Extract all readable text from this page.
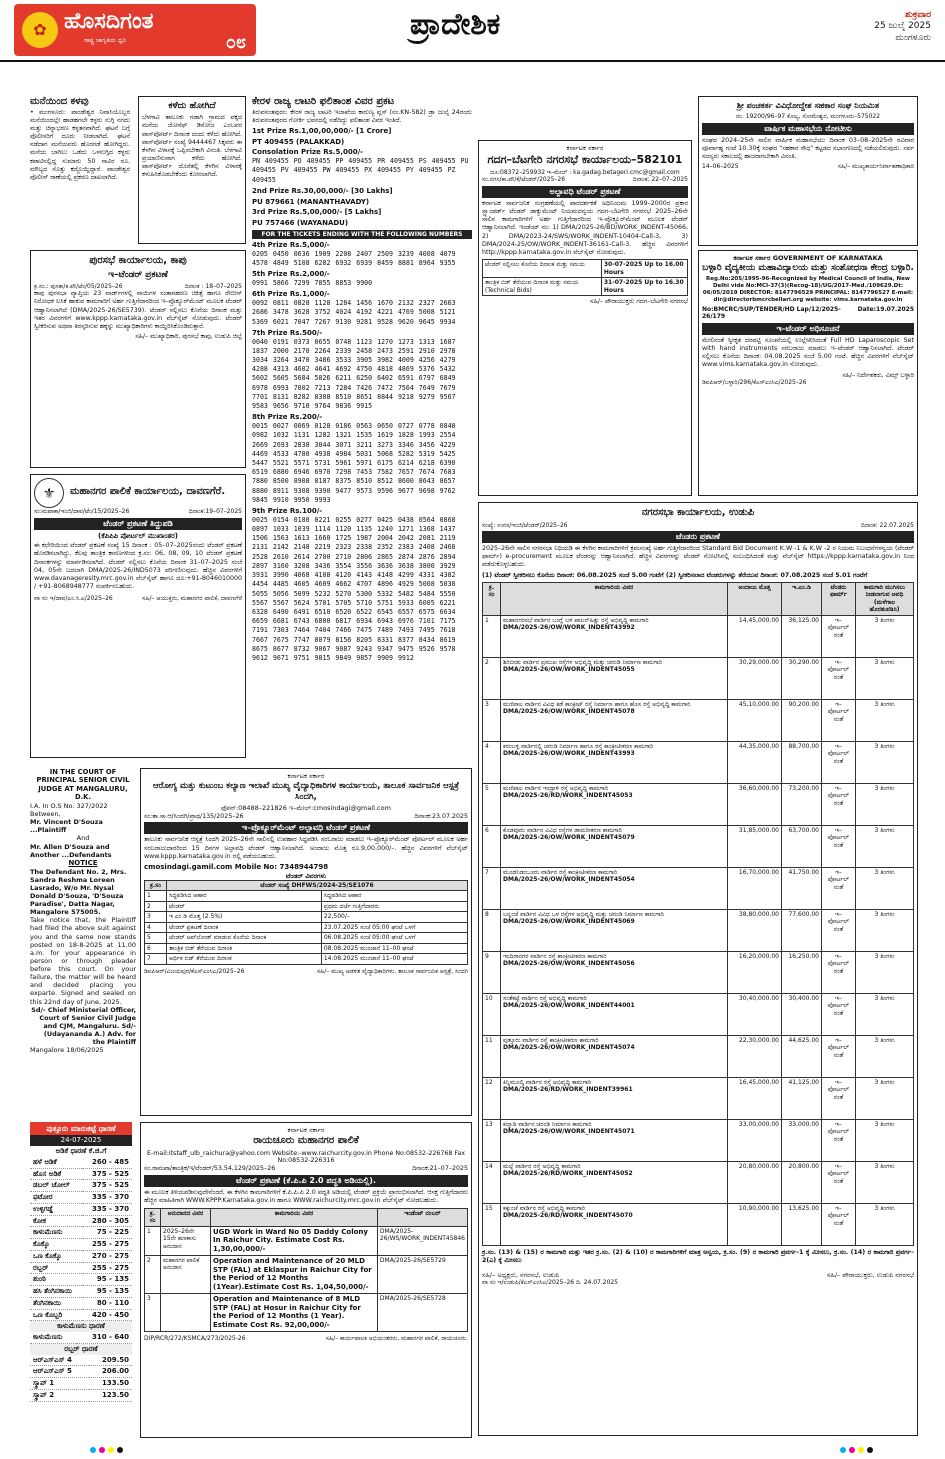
✿ ಹೊಸದಿಗಂತ
ರಾಷ್ಟ್ರ ಜಾಗೃತಿಯ ಧ್ವನಿ	೦೮
ಪ್ರಾದೇಶಿಕ	ಶುಕ್ರವಾರ
25 ಜುಲೈ 2025
ಮಂಗಳೂರು
ಮನೆಯಿಂದ ಕಳವು
• ಮಂಗಳೂರು: ಪಾಂಡೇಶ್ವರ ನಿವಾಸಿಯೊಬ್ಬರ ಮನೆಯಿಂದಲ್ಲೇ ಹಾಡಹಗಲೇ ಕಳ್ಳರು ನುಗ್ಗಿ ನಗದು ಮತ್ತು ಚಿನ್ನಾಭರಣ ಕಳ್ಳತನವಾಗಿದೆ. ಘಟನೆ ಬಗ್ಗೆ ಪೊಲೀಸರಿಗೆ ದೂರು ನೀಡಲಾಗಿದೆ. ಘಟನೆ ನಡೆದಾಗ ಮನೆಯವರು ಹೊರಗಡೆ ಹೋಗಿದ್ದರು. ಮನೆಯ ಬಾಗಿಲು ಒಡೆದು ಒಳನುಗ್ಗಿದ ಕಳ್ಳರು ಕಪಾಟಿನಲ್ಲಿದ್ದ ಸುಮಾರು 50 ಸಾವಿರ ರೂ. ಮೌಲ್ಯದ ಸೊತ್ತು ಕದ್ದೊಯ್ದಿದ್ದಾರೆ. ಪಾಂಡೇಶ್ವರ ಪೊಲೀಸ್ ಠಾಣೆಯಲ್ಲಿ ಪ್ರಕರಣ ದಾಖಲಾಗಿದೆ.
ಕಳೆದು ಹೋಗಿದೆ
ಬೆಳಗಾವಿ ತಾಲೂಕು ಗಡಾಗಿ ಗ್ರಾಮದ ಪಕ್ಕದ ಮನೆಯ ಜೋಸೆಫ್ ಡಿಸೋಜ ಎಂಬವರ ಪಾಸ್‌ಪೋರ್ಟ್ ದಿನಾಂಕ ದಂದು ಕಳೆದು ಹೋಗಿದೆ. ಪಾಸ್‌ಪೋರ್ಟ್ ಸಂಖ್ಯೆ 9444467 ಸಿಕ್ಕವರು ಈ ಕೆಳಗಿನ ವಿಳಾಸಕ್ಕೆ ಒಪ್ಪಿಸಬೇಕಾಗಿ ವಿನಂತಿ. ಬೆಳಗಾವಿ ಪ್ರಯಾಣಿಸುವಾಗ ಕಳೆದು ಹೋಗಿದೆ. ಪಾಸ್‌ಪೋರ್ಟ್ ದೊರೆತಲ್ಲಿ ಕೆಳಗಿನ ವಿಳಾಸಕ್ಕೆ ಕಳುಹಿಸಿಕೊಡಬೇಕೆಂದು ಕೋರಲಾಗಿದೆ.
ಕೇರಳ ರಾಜ್ಯ ಲಾಟರಿ ಫಲಿತಾಂಶ ವಿವರ ಪ್ರಕಟ
ತಿರುವನಂತಪುರಂ: ಕೇರಳ ರಾಜ್ಯ ಲಾಟರಿ ಇಲಾಖೆಯ ಕಾರುಣ್ಯ ಪ್ಲಸ್ (ನಂ.KN-582) ಡ್ರಾ ಜುಲೈ 24ರಂದು ತಿರುವನಂತಪುರದ ಗೋರ್ಕಿ ಭವನದಲ್ಲಿ ನಡೆದಿದ್ದು ಫಲಿತಾಂಶ ವಿವರ ಇಂತಿದೆ.
1st Prize Rs.1,00,00,000/- [1 Crore]
PT 409455 (PALAKKAD)
Consolation Prize Rs.5,000/-
PN 409455 PO 409455 PP 409455 PR 409455 PS 409455 PU 409455 PV 409455 PW 409455 PX 409455 PY 409455 PZ 409455
2nd Prize Rs.30,00,000/- [30 Lakhs]
PU 879661 (MANANTHAVADY)
3rd Prize Rs.5,00,000/- [5 Lakhs]
PU 757466 (WAYANADU)
FOR THE TICKETS ENDING WITH THE FOLLOWING NUMBERS
4th Prize Rs.5,000/-
0205 0450 0636 1909 2208 2407 2509 3239 4008 4079 4578 4849 5108 6282 6932 6939 8459 8881 8964 9355
5th Prize Rs.2,000/-
0991 5866 7299 7855 8853 9900
6th Prize Rs.1,000/-
0092 0811 0828 1128 1284 1456 1670 2132 2327 2663 2686 3478 3628 3752 4024 4192 4221 4769 5008 5121 5369 6021 7047 7267 9130 9281 9528 9620 9645 9934
7th Prize Rs.500/-
0040 0191 0373 0655 0748 1123 1270 1273 1313 1687 1837 2000 2170 2264 2339 2458 2473 2591 2910 2978 3034 3264 3470 3486 3533 3905 3982 4009 4256 4279 4288 4313 4602 4641 4692 4750 4818 4869 5376 5432 5602 5605 5684 5826 6211 6250 6402 6591 6797 6849 6978 6993 7002 7213 7284 7426 7472 7564 7649 7679 7701 8131 8282 8308 8510 8651 8844 9218 9279 9567 9583 9656 9710 9764 9836 9915
8th Prize Rs.200/-
0015 0027 0069 0128 0186 0563 0650 0727 0778 0840 0982 1032 1131 1282 1321 1535 1619 1828 1993 2554 2669 2693 2838 3044 3071 3211 3273 3346 3456 4229 4469 4533 4780 4938 4984 5031 5068 5282 5319 5425 5447 5521 5571 5731 5961 5971 6175 6214 6218 6390 6519 6880 6946 6970 7298 7453 7582 7657 7674 7683 7880 8500 8908 8187 8375 8510 8512 8600 8643 8657 8880 8911 9308 9390 9477 9573 9596 9677 9698 9762 9845 9910 9950 9993
9th Prize Rs.100/-
0025 0154 0180 0221 0255 0277 0425 0438 0564 0868 0897 1033 1039 1114 1120 1135 1240 1271 1368 1437 1506 1563 1613 1660 1725 1987 2004 2042 2081 2119 2131 2142 2148 2219 2323 2338 2352 2383 2408 2460 2528 2610 2614 2700 2710 2806 2865 2874 2876 2894 2897 3160 3208 3436 3554 3556 3636 3638 3800 3929 3931 3990 4068 4108 4120 4143 4148 4299 4331 4382 4454 4485 4605 4609 4662 4707 4896 4929 5008 5030 5055 5056 5099 5232 5270 5300 5332 5482 5484 5550 5567 5567 5624 5701 5705 5710 5751 5933 6005 6221 6328 6490 6491 6510 6520 6522 6545 6557 6575 6634 6659 6681 6743 6800 6817 6934 6943 6976 7101 7175 7191 7303 7464 7404 7466 7475 7489 7493 7495 7618 7667 7675 7747 8079 8156 8205 8331 8377 8434 8619 8675 8677 8732 9067 9087 9243 9347 9475 9526 9578 9612 9671 9751 9815 9849 9857 9909 9912
ಪುರಸಭೆ ಕಾರ್ಯಾಲಯ, ಕಾಪು
ಇ–ಟೆಂಡರ್ ಪ್ರಕಟಣೆ
ಕ್ರ.ಸಂ.: ಪುಸಕಾ/ಕ.ಪೌ/ಟೆಂ/05/2025–26	ದಿನಾಂಕ : 18–07–2025
ಕಾಪು ಪುರಸಭಾ ವ್ಯಾಪ್ತಿಯ 23 ವಾರ್ಡ್‌ಗಳಲ್ಲಿ ನಾಯಿಗಳ ಸಂತಾನಹರಣ ಚಿಕಿತ್ಸೆ ಹಾಗೂ ರೇಬೀಸ್ ನಿರೋಧಕ ಲಸಿಕೆ ಹಾಕುವ ಕಾಮಗಾರಿಗೆ ಅರ್ಹ ಗುತ್ತಿಗೆದಾರರಿಂದ ಇ–ಪ್ರೊಕ್ಯೂರ್‌ಮೆಂಟ್ ಮೂಲಕ ಟೆಂಡರ್ ಆಹ್ವಾನಿಸಲಾಗಿದೆ (DMA/2025-26/SE5739). ಟೆಂಡರ್ ಸಲ್ಲಿಸಲು ಕೊನೆಯ ದಿನಾಂಕ ಮತ್ತು ಇತರ ವಿವರಗಳಿಗೆ www.kppp.karnataka.gov.in ವೆಬ್‌ಸೈಟ್ ನೋಡುವುದು. ಟೆಂಡರ್ ಸ್ವೀಕರಿಸುವ ಅಥವಾ ತಿರಸ್ಕರಿಸುವ ಹಕ್ಕನ್ನು ಮುಖ್ಯಾಧಿಕಾರಿಗಳು ಕಾಯ್ದಿರಿಸಿಕೊಂಡಿರುತ್ತಾರೆ.
ಸಹಿ/– ಮುಖ್ಯಾಧಿಕಾರಿ, ಪುರಸಭೆ ಕಾಪು, ಉಡುಪಿ ಜಿಲ್ಲೆ
⚜	ಮಹಾನಗರ ಪಾಲಿಕೆ ಕಾರ್ಯಾಲಯ, ದಾವಣಗೆರೆ.
ಸಂ:ಮಪಾಕಾ/ಇಂಜಿ/ದಾವ/ಟೆಂ/15/2025–26	ದಿನಾಂಕ:19–07–2025
ಟೆಂಡರ್ ಪ್ರಕಟಣೆ ತಿದ್ದುಪಡಿ
(ಕೆಪಿಪಿಪಿ ಪೋರ್ಟಲ್ ಮುಖಾಂತರ)
ಈ ಕಛೇರಿಯಿಂದ ಟೆಂಡರ್ ಪ್ರಕಟಣೆ ಸಂಖ್ಯೆ 15 ದಿನಾಂಕ : 05–07–2025ರಂದು ಟೆಂಡರ್ ಪ್ರಕಟಣೆ ಹೊರಡಿಸಲಾಗಿದ್ದು, ಕೆಲವು ತಾಂತ್ರಿಕ ಕಾರಣಗಳಿಂದ ಕ್ರ.ಸಂ: 06, 08, 09, 10 ಟೆಂಡರ್ ಪ್ರಕಟಣೆ ದಿನಾಂಕಗಳನ್ನು ಮಾರ್ಪಡಿಸಲಾಗಿದೆ. ಟೆಂಡರ್ ಸಲ್ಲಿಸಲು ಕೊನೆಯ ದಿನಾಂಕ 31–07–2025 ಸಂಜೆ 04, 05ನೇ ಬದಲಾಗಿ DMA/2025-26/IND5073 ಪರಿಗಣಿಸುವುದು. ಹೆಚ್ಚಿನ ವಿವರಗಳಿಗೆ www.davanageresity.mrc.gov.in ವೆಬ್‌ಸೈಟ್ ಹಾಗೂ ದೂ:+91-8046010000 / +91-8068948777 ಸಂಪರ್ಕಿಸಬಹುದು.
ವಾ ಸಂ ಇ/ದಾವ/ಎಂ.ಸಿ.ಎ/2025–26	ಸಹಿ/– ಆಯುಕ್ತರು, ಮಹಾನಗರ ಪಾಲಿಕೆ, ದಾವಣಗೆರೆ
ಶ್ರೀ ಪಂಚಕರ್ತ ವಿವಿಧೋದ್ದೇಶ ಸಹಕಾರ ಸಂಘ ನಿಯಮಿತ
ನಂ. 19200/96–97 ಕೊಲ್ಯ, ಸೋಮೇಶ್ವರ, ಮಂಗಳೂರು–575022
ವಾರ್ಷಿಕ ಮಹಾಸಭೆಯ ನೋಟೀಸು
ಸಂಘದ 2024–25ನೇ ಸಾಲಿನ ವಾರ್ಷಿಕ ಮಹಾಸಭೆಯು ದಿನಾಂಕ 03–08–2025ನೇ ರವಿವಾರ ಪೂರ್ವಾಹ್ನ ಗಂಟೆ 10.30ಕ್ಕೆ ಸಂಘದ "ಸಹಕಾರ ಸೌಧ" ಕಟ್ಟಡದ ಸಭಾಂಗಣದಲ್ಲಿ ನಡೆಯಲಿರುವುದು. ಸರ್ವ ಸದಸ್ಯರು ಸಕಾಲದಲ್ಲಿ ಹಾಜರಾಗಬೇಕಾಗಿ ವಿನಂತಿ.
14–06–2025	ಸಹಿ/– ಮುಖ್ಯಕಾರ್ಯನಿರ್ವಾಹಣಾಧಿಕಾರಿ
ಕರ್ನಾಟಕ ಸರ್ಕಾರ
ಗದಗ–ಬೆಟಗೇರಿ ನಗರಸಭೆ ಕಾರ್ಯಾಲಯ–582101
ದೂ:08372–259932 ಇ–ಮೇಲ್ : ka.gadag.betageri.cmc@gmail.com
ಸಂ.ನಗಸ/ಕಾ.ಪೌ/ಕೆ/ಟೆಂಡರ್/2025–26	ದಿನಾಂಕ: 22–07–2025
ಅಲ್ಪಾವಧಿ ಟೆಂಡರ್ ಪ್ರಕಟಣೆ
ಕರ್ನಾಟಕ ಸಾರ್ವಜನಿಕ ಸಂಗ್ರಹಣೆಯಲ್ಲಿ ಪಾರದರ್ಶಕತೆ ಅಧಿನಿಯಮ 1999–2000ರ ಪ್ರಕಾರ ಸ್ಟ್ಯಾಂಡರ್ಡ್ ಟೆಂಡರ್ ಡಾಕ್ಯುಮೆಂಟ್ ನಿಯಮದನ್ವಯ ಗದಗ–ಬೆಟಗೇರಿ ನಗರಸಭೆ 2025–26ನೇ ಸಾಲಿನ ಕಾಮಗಾರಿಗಳಿಗೆ ಅರ್ಹ ಗುತ್ತಿಗೆದಾರರಿಂದ ಇ–ಪ್ರೊಕ್ಯೂರ್‌ಮೆಂಟ್ ಮೂಲಕ ಟೆಂಡರ್ ಆಹ್ವಾನಿಸಲಾಗಿದೆ. ಇಂಡೆಂಟ್ ನಂ: 1) DMA/2025-26/BD/WORK_INDENT-45066, 2) DMA/2023-24/SWS/WORK_INDENT-10404-Call-3, 3) DMA/2024-25/OW/WORK_INDENT-36161-Call-3. ಹೆಚ್ಚಿನ ವಿವರಗಳಿಗೆ http://kppp.karnataka.gov.in ವೆಬ್‌ಸೈಟ್ ನೋಡುವುದು.
ಟೆಂಡರ್ ಸಲ್ಲಿಸಲು ಕೊನೆಯ ದಿನಾಂಕ ಮತ್ತು ಸಮಯ	30-07-2025 Up to 16.00 Hours
ತಾಂತ್ರಿಕ ಬಿಡ್ ತೆರೆಯುವ ದಿನಾಂಕ ಮತ್ತು ಸಮಯ (Technical Bids)	31-07-2025 Up to 16.30 Hours
ಸಹಿ/– ಪೌರಾಯುಕ್ತರು ಗದಗ–ಬೆಟಗೇರಿ ನಗರಸಭೆ
ಕರ್ನಾಟಕ ಸರ್ಕಾರ GOVERNMENT OF KARNATAKA
ಬಳ್ಳಾರಿ ವೈದ್ಯಕೀಯ ಮಹಾವಿದ್ಯಾಲಯ ಮತ್ತು ಸಂಶೋಧನಾ ಕೇಂದ್ರ ಬಳ್ಳಾರಿ.
Reg.No:205/1995-96-Recognized by Medical Council of India, New Delhi vide No:MCI-37(3)(Recog-18)/UG/2017-Med./109629.Dt: 06/05/2019 DIRECTOR: 8147796529 PRINCIPAL: 8147796527 E-mail: dir@directorbmcrcbellari.org website: vims.karnataka.gov.in
No:BMCRC/SUP/TENDER/HD Lap/12/2025-26/179
Date:19.07.2025
ಇ–ಟೆಂಡರ್ ಅಧಿಸೂಚನೆ
ಮೇಲಿನಂತೆ ಸ್ವೀಕೃತ ದರಪಟ್ಟಿ ಸೂಚನೆಯಲ್ಲಿ ಉಲ್ಲೇಖಿಸಿದಂತೆ Full HD Laparoscopic Set with hand instruments ಸರಬರಾಜು ಮಾಡಲು ಇ–ಟೆಂಡರ್ ಆಹ್ವಾನಿಸಲಾಗಿದೆ. ಟೆಂಡರ್ ಸಲ್ಲಿಸಲು ಕೊನೆಯ ದಿನಾಂಕ: 04.08.2025 ಸಂಜೆ 5.00 ಗಂಟೆ. ಹೆಚ್ಚಿನ ವಿವರಗಳಿಗೆ ವೆಬ್‌ಸೈಟ್ www.vims.karnataka.gov.in ನೋಡುವುದು.
ಸಹಿ/– ನಿರ್ದೇಶಕರು, ವಿಮ್ಸ್ ಬಳ್ಳಾರಿ
ಡಿಐಪಿಆರ್/ಬಳ್ಳಾರಿ/296/ಕೆಎಸ್‌ಎಂಸಿಎ/2025–26
ನಗರಸಭಾ ಕಾರ್ಯಾಲಯ, ಉಡುಪಿ
ಸಂಖ್ಯೆ: ಉನಸ/ಇಂಜಿ/ಟೆಂಡರ್/2025–26	ದಿನಾಂಕ: 22.07.2025
ಟೆಂಡರು ಪ್ರಕಟಣೆ
2025–26ನೇ ಸಾಲಿನ ನಗರಸಭಾ ನಿಧಿಯಡಿ ಈ ಕೆಳಗಿನ ಕಾಮಗಾರಿಗಳಿಗೆ ಕ್ರಮಸಂಖ್ಯೆ ಅರ್ಹ ಗುತ್ತಿಗೆದಾರರಿಂದ Standard Bid Document K.W -1 & K.W -2 ರ ನಿಯಮ ನಿಬಂಧನೆಗಳನ್ವಯ (ಟೆಂಡರ್ ಫಾರ್ಮ್) e-procurement ಮೂಲಕ ಟೆಂಡರನ್ನು ಆಹ್ವಾನಿಸಲಾಗಿದೆ. ಹೆಚ್ಚಿನ ವಿವರಗಳನ್ನು ಟೆಂಡರ್ ನೋಟಿಸಿನಲ್ಲಿ ಸಂಬಂಧಿಸಿದಂತೆ ಮತ್ತು ವೆಬ್‌ಸೈಟ್ https://kppp.karnataka.gov.in ನಿಂದ ಪಡೆದುಕೊಳ್ಳಬಹುದು.
(1) ಟೆಂಡರ್ ಸ್ವೀಕರಿಸಲು ಕೊನೆಯ ದಿನಾಂಕ: 06.08.2025 ಸಂಜೆ 5.00 ಗಂಟೆಗೆ (2) ಸ್ವೀಕರಿಸಲಾದ ಟೆಂಡರುಗಳನ್ನು ತೆರೆಯುವ ದಿನಾಂಕ: 07.08.2025 ಸಂಜೆ 5.01 ಗಂಟೆಗೆ
ಕ್ರ. ಸಂ	ಕಾಮಗಾರಿಯ ವಿವರ	ಅಂದಾಜು ಮೊತ್ತ	ಇ.ಎಂ.ಡಿ	ಟೆಂಡರು ಫಾರ್ಮ್	ಕಾಮಗಾರಿ ಮುಗಿಸಲು ನೀಡಲಾಗುವ ಅವಧಿ (ಮಳೆಗಾಲ ಹೊರತುಪಡಿಸಿ)
1	ಮಹಾನಗರಸಭೆ ವಾರ್ಡಿನ ಬಂಗ್ಲೆ ಬಳಿ ಪಾಲನ್‌ಹಿತ್ಲು ರಸ್ತೆ ಅಭಿವೃದ್ಧಿ ಕಾಮಗಾರಿ
DMA/2025-26/OW/WORK_INDENT43992	14,45,000.00	36,125.00	ಇ– ಪೋರ್ಟಲ್ ನಂತೆ	3 ತಿಂಗಳು
2	ಶಿರಿಬೀಡು ವಾರ್ಡಿನ ಪ್ರಮುಖ ರಸ್ತೆಗಳ ಅಭಿವೃದ್ಧಿ ಮತ್ತು ಚರಂಡಿ ನಿರ್ಮಾಣ ಕಾಮಗಾರಿ
DMA/2025-26/OW/WORK_INDENT45055	30,29,000.00	30,290.00	ಇ– ಪೋರ್ಟಲ್ ನಂತೆ	3 ತಿಂಗಳು
3	ಮಣಿಪಾಲ ವಾರ್ಡಿನ ವಿವಿಧ ಕಡೆ ಕಾಂಕ್ರೀಟ್ ರಸ್ತೆ ನಿರ್ಮಾಣ ಹಾಗೂ ಹೊಸ ರಸ್ತೆ ಅಭಿವೃದ್ಧಿ ಕಾಮಗಾರಿ
DMA/2025-26/OW/WORK_INDENT45078	45,10,000.00	90,200.00	ಇ– ಪೋರ್ಟಲ್ ನಂತೆ	3 ತಿಂಗಳು
4	ಕರಂಬಳ್ಳಿ ವಾರ್ಡಿನಲ್ಲಿ ಚರಂಡಿ ನಿರ್ಮಾಣ ಹಾಗೂ ರಸ್ತೆ ಕಾಂಕ್ರೀಟೀಕರಣ ಕಾಮಗಾರಿ
DMA/2025-26/OW/WORK_INDENT43993	44,35,000.00	88,700.00	ಇ– ಪೋರ್ಟಲ್ ನಂತೆ	3 ತಿಂಗಳು
5	ಮಣಿಪಾಲ ವಾರ್ಡಿನ ಇಂದ್ರಾಳಿ ರಸ್ತೆ ಅಭಿವೃದ್ಧಿ ಕಾಮಗಾರಿ
DMA/2025-26/RD/WORK_INDENT45053	36,60,000.00	73,200.00	ಇ– ಪೋರ್ಟಲ್ ನಂತೆ	3 ತಿಂಗಳು
6	ಕೊಡವೂರು ವಾರ್ಡಿನ ವಿವಿಧ ರಸ್ತೆಗಳ ಡಾಮರೀಕರಣ ಕಾಮಗಾರಿ
DMA/2025-26/OW/WORK_INDENT45079	31,85,000.00	63,700.00	ಇ– ಪೋರ್ಟಲ್ ನಂತೆ	3 ತಿಂಗಳು
7	ಮೂಡನಿಡಂಬೂರು ವಾರ್ಡಿನ ರಸ್ತೆ ಕಾಂಕ್ರೀಟೀಕರಣ ಕಾಮಗಾರಿ
DMA/2025-26/OW/WORK_INDENT45054	16,70,000.00	41,750.00	ಇ– ಪೋರ್ಟಲ್ ನಂತೆ	3 ತಿಂಗಳು
8	ಬನ್ನಂಜೆ ವಾರ್ಡಿನ ವಿವಿಧ ಒಳ ರಸ್ತೆಗಳ ಅಭಿವೃದ್ಧಿ ಮತ್ತು ಚರಂಡಿ ನಿರ್ಮಾಣ ಕಾಮಗಾರಿ
DMA/2025-26/OW/WORK_INDENT45069	38,80,000.00	77,600.00	ಇ– ಪೋರ್ಟಲ್ ನಂತೆ	3 ತಿಂಗಳು
9	ಇಂದಿರಾನಗರ ವಾರ್ಡಿನ ರಸ್ತೆ ಕಾಂಕ್ರೀಟೀಕರಣ ಕಾಮಗಾರಿ
DMA/2025-26/OW/WORK_INDENT45056	16,20,000.00	16,250.00	ಇ– ಪೋರ್ಟಲ್ ನಂತೆ	3 ತಿಂಗಳು
10	ಸಂತೆಕಟ್ಟೆ ವಾರ್ಡಿನ ರಸ್ತೆ ಅಭಿವೃದ್ಧಿ ಕಾಮಗಾರಿ
DMA/2025-26/OW/WORK_INDENT44001	30,40,000.00	30,400.00	ಇ– ಪೋರ್ಟಲ್ ನಂತೆ	3 ತಿಂಗಳು
11	ಪುತ್ತೂರು ವಾರ್ಡಿನ ರಸ್ತೆ ಕಾಂಕ್ರೀಟೀಕರಣ ಕಾಮಗಾರಿ
DMA/2025-26/OW/WORK_INDENT45074	22,30,000.00	44,625.00	ಇ– ಪೋರ್ಟಲ್ ನಂತೆ	3 ತಿಂಗಳು
12	ಕಿನ್ನಿಮೂಲ್ಕಿ ವಾರ್ಡಿನ ರಸ್ತೆ ಅಭಿವೃದ್ಧಿ ಕಾಮಗಾರಿ
DMA/2025-26/RD/WORK_INDENT39961	16,45,000.00	41,125.00	ಇ– ಪೋರ್ಟಲ್ ನಂತೆ	3 ತಿಂಗಳು
13	ಕಲ್ಮಾಡಿ ವಾರ್ಡಿನ ಚರಂಡಿ ನಿರ್ಮಾಣ ಕಾಮಗಾರಿ
DMA/2025-26/OW/WORK_INDENT45071	33,00,000.00	33,000.00	ಇ– ಪೋರ್ಟಲ್ ನಂತೆ	3 ತಿಂಗಳು
14	ಮಲ್ಪೆ ವಾರ್ಡಿನ ರಸ್ತೆ ಅಭಿವೃದ್ಧಿ ಕಾಮಗಾರಿ
DMA/2025-26/RD/WORK_INDENT45052	20,80,000.00	20,800.00	ಇ– ಪೋರ್ಟಲ್ ನಂತೆ	3 ತಿಂಗಳು
15	ಕಕ್ಕುಂಜೆ ವಾರ್ಡಿನ ರಸ್ತೆ ಅಭಿವೃದ್ಧಿ ಕಾಮಗಾರಿ
DMA/2025-26/RD/WORK_INDENT45070	10,90,000.00	13,625.00	ಇ– ಪೋರ್ಟಲ್ ನಂತೆ	3 ತಿಂಗಳು
ಕ್ರ.ಸಂ. (13) & (15) ರ ಕಾಮಗಾರಿ ಮತ್ತು ಇತರ ಕ್ರ.ಸಂ. (2) & (10) ರ ಕಾಮಗಾರಿಗಳಿಗೆ ಮಾತ್ರ ಅನ್ವಯ, ಕ್ರ.ಸಂ. (9) ರ ಕಾಮಗಾರಿ ಪ್ರವರ್ಗ–1 ಕ್ಕೆ ಮೀಸಲು, ಕ್ರ.ಸಂ. (14) ರ ಕಾಮಗಾರಿ ಪ್ರವರ್ಗ–2(ಎ) ಕ್ಕೆ ಮೀಸಲು
ಸಹಿ/– ಅಧ್ಯಕ್ಷರು, ನಗರಸಭೆ, ಉಡುಪಿ	ಸಹಿ/– ಪೌರಾಯುಕ್ತರು, ಉಡುಪಿ ನಗರಸಭೆ
ವಾ ಸಂ ಇ/ಉಡುಪಿ/ಕೆಎಸ್‌ಎಂಸಿಎ/2025–26 ದಿ. 24.07.2025
IN THE COURT OF PRINCIPAL SENIOR CIVIL JUDGE AT MANGALURU, D.K.
I.A. In O.S No. 327/2022
Between,
Mr. Vincent D'Souza ...Plaintiff
And
Mr. Allen D'Souza and Another ...Defendants
NOTICE
The Defendant No. 2, Mrs. Sandra Reshma Loreen Lasrado, W/o Mr. Nysal Donald D'Souza, 'D'Souza Paradise', Datta Nagar, Mangalore 575005.
Take notice that, the Plaintiff had filed the above suit against you and the same now stands posted on 18-8-2025 at 11.00 a.m. for your appearance in person or through pleader before this court. On your failure, the matter will be heard and decided placing you exparte. Signed and sealed on this 22nd day of June, 2025.
Sd/- Chief Ministerial Officer, Court of Senior Civil Judge and CJM, Mangaluru. Sd/- (Udayananda A.) Adv. for the Plaintiff
Mangalore 18/06/2025
ಕರ್ನಾಟಕ ಸರ್ಕಾರ
ಆರೋಗ್ಯ ಮತ್ತು ಕುಟುಂಬ ಕಲ್ಯಾಣ ಇಲಾಖೆ ಮುಖ್ಯ ವೈದ್ಯಾಧಿಕಾರಿಗಳ ಕಾರ್ಯಾಲಯ, ತಾಲೂಕ ಸಾರ್ವಜನಿಕ ಆಸ್ಪತ್ರೆ ಸಿಂದಗಿ,
ಫೋನ್:08488–221826 ಇ–ಮೇಲ್:cmosindagi@gmail.com
ಸಂ:ತಾ.ಸಾ.ಆ/ಸಿಂದಗಿ/ಪ್ರಾಥ/135/2025–26	ದಿನಾಂಕ:23.07.2025
ಇ–ಪ್ರೊಕ್ಯೂರ್‌ಮೆಂಟ್ ಅಲ್ಪಾವಧಿ ಟೆಂಡರ್ ಪ್ರಕಟಣೆ
ತಾಲೂಕು ಸಾರ್ವಜನಿಕ ಆಸ್ಪತ್ರೆ ಸಿಂದಗಿ 2025–26ನೇ ಸಾಲಿನಲ್ಲಿ ಉಪಹಾರ ಸಿದ್ಧಪಡಿಸಿ ಸರಬರಾಜು ಮಾಡಲು ಇ–ಪ್ರೊಕ್ಯೂರ್‌ಮೆಂಟ್ ಪೋರ್ಟಲ್ ಮೂಲಕ ಅರ್ಹ ಸರಬರಾಜುದಾರರಿಂದ 15 ದಿನಗಳ ಅಲ್ಪಾವಧಿ ಟೆಂಡರ್ ಆಹ್ವಾನಿಸಲಾಗಿದೆ. ಅಂದಾಜು ಮೊತ್ತ ರೂ.9,00,000/–. ಹೆಚ್ಚಿನ ವಿವರಗಳಿಗೆ ವೆಬ್‌ಸೈಟ್ www.kppp.karnataka.gov.in ರಲ್ಲಿ ಪಡೆಯಬಹುದು.
cmosindagi.gamil.com Mobile No: 7348944798
ಟೆಂಡರ್ ವಿವರಗಳು
ಕ್ರ.ಸಂ	ಟೆಂಡರ್ ಸಂಖ್ಯೆ DHFWS/2024-25/SE1076	
1	ಸಿದ್ಧಪಡಿಸಿದ ಆಹಾರ	ಸಿದ್ಧಪಡಿಸಿದ ಆಹಾರ
2	ಟೆಂಡರ್	ಪ್ರಥಮ ದರ್ಜೆ ಗುತ್ತಿಗೆದಾರರು
3	ಇ ಎಂ ಡಿ ಮೊತ್ತ (2.5%)	22,500/–
4	ಟೆಂಡರ್ ಪ್ರಕಟಣೆ ದಿನಾಂಕ	23.07.2025 ಸಂಜೆ 05:00 ಘಂಟೆ ಒಳಗೆ
5	ಟೆಂಡರ್ ಅಪ್‌ಲೋಡ್ ಮಾಡುವ ಕೊನೆಯ ದಿನಾಂಕ	06.08.2025 ಸಂಜೆ 05:00 ಘಂಟೆ ಒಳಗೆ
6	ತಾಂತ್ರಿಕ ಬಿಡ್ ತೆರೆಯುವ ದಿನಾಂಕ	08.08.2025 ಮುಂಜಾನೆ 11–00 ಘಂಟೆ
7	ಆರ್ಥಿಕ ಬಿಡ್ ತೆರೆಯುವ ದಿನಾಂಕ	14.08.2025 ಮುಂಜಾನೆ 11–00 ಘಂಟೆ
ಡಿಐಪಿಆರ್/ವಿಜಯಪುರ/ಕೆಎಸ್‌ಎಂಸಿಎ/2025–26	ಸಹಿ/– ಮುಖ್ಯ ಆಡಳಿತ ವೈದ್ಯಾಧಿಕಾರಿಗಳು, ತಾಲೂಕ ಸಾರ್ವಜನಿಕ ಆಸ್ಪತ್ರೆ, ಸಿಂದಗಿ
ಪುತ್ತೂರು ಮಾರುಕಟ್ಟೆ ಧಾರಣೆ
24-07-2025
ಅಡಿಕೆ ಧಾರಣೆ ಕೆ.ಜಿ.ಗೆ
ಹಳೆ ಅಡಿಕೆ	260 - 485
ಹೊಸ ಅಡಿಕೆ	375 - 525
ಡಬಲ್ ಚೋಲ್	375 - 525
ಫಟೋರ	335 - 370
ಉಳ್ಳಿಗಡ್ಡೆ	335 - 370
ಕೋಕ	280 - 305
ಕಾಳುಮೆಣಸು	75 - 225
ಕೊಕ್ಕೊ	255 - 275
ಒಣ ಕೊಕ್ಕೊ	270 - 275
ರಬ್ಬರ್	255 - 275
ಶುಂಠಿ	95 - 135
ಹಸಿ ತೆಂಗಿನಕಾಯಿ	95 - 135
ತೆಂಗಿನಕಾಯಿ	80 - 110
ಒಣ ಕೊಬ್ಬರಿ	420 - 450
ಕಾಳುಮೆಣಸು ಧಾರಣೆ
ಕಾಳುಮೆಣಸು	310 - 640
ರಬ್ಬರ್ ಧಾರಣೆ
ಆರ್‌ಎಸ್‌ಎಸ್ 4	209.50
ಆರ್‌ಎಸ್‌ಎಸ್ 5	206.00
ಸ್ಕ್ರಾಪ್ 1	133.50
ಸ್ಕ್ರಾಪ್ 2	123.50
ಕರ್ನಾಟಕ ಸರ್ಕಾರ
ರಾಯಚೂರು ಮಹಾನಗರ ಪಾಲಿಕೆ
E-mail:itstaff_ulb_raichura@yahoo.com Website:-www.raichurcity.gov.in Phone No:08532-226768 Fax No:08532-226316
ಸಂ.ರಾಮಪಾ/ತಾಂತ್ರಿಕ/ಇ/ಟೆಂಡರ್/53,54,129/2025–26	ದಿನಾಂಕ:21–07–2025
ಟೆಂಡರ್ ಪ್ರಕಟಣೆ (ಕೆ.ಪಿ.ಪಿ 2.0 ಪದ್ಧತಿ ಅಡಿಯಲ್ಲಿ).
ಈ ಮೂಲಕ ತಿಳಿಯಪಡಿಸುವುದೇನೆಂದರೆ, ಈ ಕೆಳಗಿನ ಕಾಮಗಾರಿಗಳಿಗೆ ಕೆ.ಪಿ.ಪಿ.ಪಿ 2.0 ಪದ್ಧತಿ ಅಡಿಯಲ್ಲಿ ಟೆಂಡರ್ ಪ್ರಕ್ರಿಯೆ ಪ್ರಾರಂಭಿಸಲಾಗಿದೆ. ಆಸಕ್ತ ಗುತ್ತಿಗೆದಾರರು ಹೆಚ್ಚಿನ ಮಾಹಿತಿಗಾಗಿ WWW.KPPP.Karnataka.gov.in ಹಾಗೂ WWW.raichurcity.mrc.gov.in ವೆಬ್‌ಸೈಟ್ ನೋಡಬಹುದು.
ಕ್ರ. ಸಂ	ಅನುದಾನದ ವಿವರ	ಕಾಮಗಾರಿಯ ವಿವರ	ಇಂಡೆಂಟ್ ನಂಬರ್
1	2025–26ನೇ 15ನೇ ಹಣಕಾಸು ಅನುದಾನ	UGD Work in Ward No 05 Daddy Colony In Raichur City. Estimate Cost Rs. 1,30,00,000/-	DMA/2025-26/WS/WORK_INDENT45846
2	ಮಹಾನಗರ ಪಾಲಿಕೆ ಅನುದಾನ	Operation and Maintenance of 20 MLD STP (FAL) at Eklaspur in Raichur City for the Period of 12 Months (1Year).Estimate Cost Rs. 1,04,50,000/-	DMA/2025-26/SE5729
3		Operation and Maintenance of 8 MLD STP (FAL) at Hosur in Raichur City for the Period of 12 Months (1 Year). Estimate Cost Rs. 92,00,000/-	DMA/2025-26/SE5728
DIP/RCR/272/KSMCA/273/2025-26	ಸಹಿ/– ಕಾರ್ಯಪಾಲಕ ಅಭಿಯಂತರರು, ಮಹಾನಗರ ಪಾಲಿಕೆ, ರಾಯಚೂರು.
